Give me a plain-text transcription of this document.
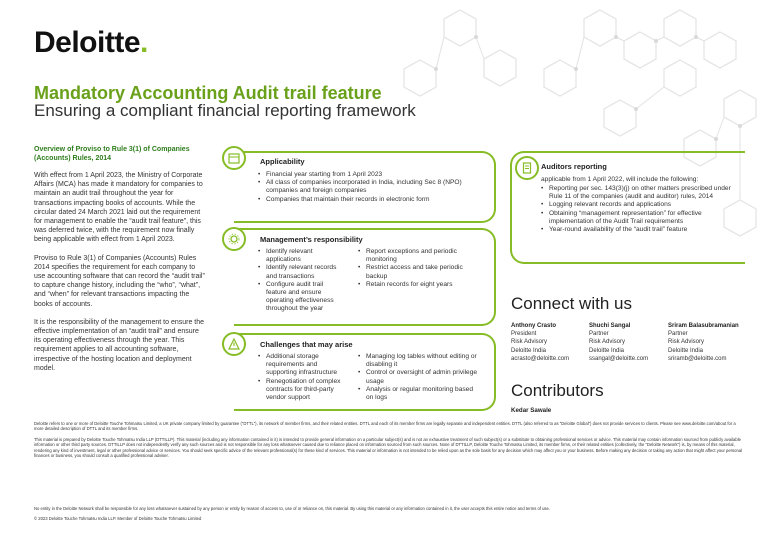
Deloitte.
Mandatory Accounting Audit trail feature
Ensuring a compliant financial reporting framework
Overview of Proviso to Rule 3(1) of Companies (Accounts) Rules, 2014

With effect from 1 April 2023, the Ministry of Corporate Affairs (MCA) has made it mandatory for companies to maintain an audit trail throughout the year for transactions impacting books of accounts. While the circular dated 24 March 2021 laid out the requirement for management to enable the “audit trail feature”, this was deferred twice, with the requirement now finally being applicable with effect from 1 April 2023.

Proviso to Rule 3(1) of Companies (Accounts) Rules 2014 specifies the requirement for each company to use accounting software that can record the “audit trail” to capture change history, including the “who”, “what”, and “when” for relevant transactions impacting the books of accounts.

It is the responsibility of the management to ensure the effective implementation of an “audit trail” and ensure its operating effectiveness through the year. This requirement applies to all accounting software, irrespective of the hosting location and deployment model.

Applicability
• Financial year starting from 1 April 2023
• All class of companies incorporated in India, including Sec 8 (NPO) companies and foreign companies
• Companies that maintain their records in electronic form
Management’s responsibility
• Identify relevant applications
• Identify relevant records and transactions
• Configure audit trail feature and ensure operating effectiveness throughout the year
• Report exceptions and periodic monitoring
• Restrict access and take periodic backup
• Retain records for eight years
Challenges that may arise
• Additional storage requirements and supporting infrastructure
• Renegotiation of complex contracts for third-party vendor support
• Managing log tables without editing or disabling it
• Control or oversight of admin privilege usage
• Analysis or regular monitoring based on logs
Auditors reporting
applicable from 1 April 2022, will include the following:
• Reporting per sec. 143(3)(j) on other matters prescribed under Rule 11 of the companies (audit and auditor) rules, 2014
• Logging relevant records and applications
• Obtaining “management representation” for effective implementation of the Audit Trail requirements
• Year-round availability of the “audit trail” feature
Connect with us
Anthony Crasto
President
Risk Advisory
Deloitte India
acrasto@deloitte.com
Shuchi Sangal
Partner
Risk Advisory
Deloitte India
ssangal@deloitte.com
Sriram Balasubramanian
Partner
Risk Advisory
Deloitte India
sriramb@deloitte.com
Contributors
Kedar Sawale
Deloitte refers to one or more of Deloitte Touche Tohmatsu Limited, a UK private company limited by guarantee (“DTTL”), its network of member firms, and their related entities. DTTL and each of its member firms are legally separate and independent entities. DTTL (also referred to as “Deloitte Global”) does not provide services to clients. Please see www.deloitte.com/about for a more detailed description of DTTL and its member firms.
This material is prepared by Deloitte Touche Tohmatsu India LLP (DTTILLP). This material (including any information contained in it) is intended to provide general information on a particular subject(s) and is not an exhaustive treatment of such subject(s) or a substitute to obtaining professional services or advice. This material may contain information sourced from publicly available information or other third party sources. DTTILLP does not independently verify any such sources and is not responsible for any loss whatsoever caused due to reliance placed on information sourced from such sources. None of DTTILLP, Deloitte Touche Tohmatsu Limited, its member firms, or their related entities (collectively, the “Deloitte Network”) is, by means of this material, rendering any kind of investment, legal or other professional advice or services. You should seek specific advice of the relevant professional(s) for these kind of services. This material or information is not intended to be relied upon as the sole basis for any decision which may affect you or your business. Before making any decision or taking any action that might affect your personal finances or business, you should consult a qualified professional adviser.
No entity in the Deloitte Network shall be responsible for any loss whatsoever sustained by any person or entity by reason of access to, use of or reliance on, this material. By using this material or any information contained in it, the user accepts this entire notice and terms of use.
© 2023 Deloitte Touche Tohmatsu India LLP. Member of Deloitte Touche Tohmatsu Limited
